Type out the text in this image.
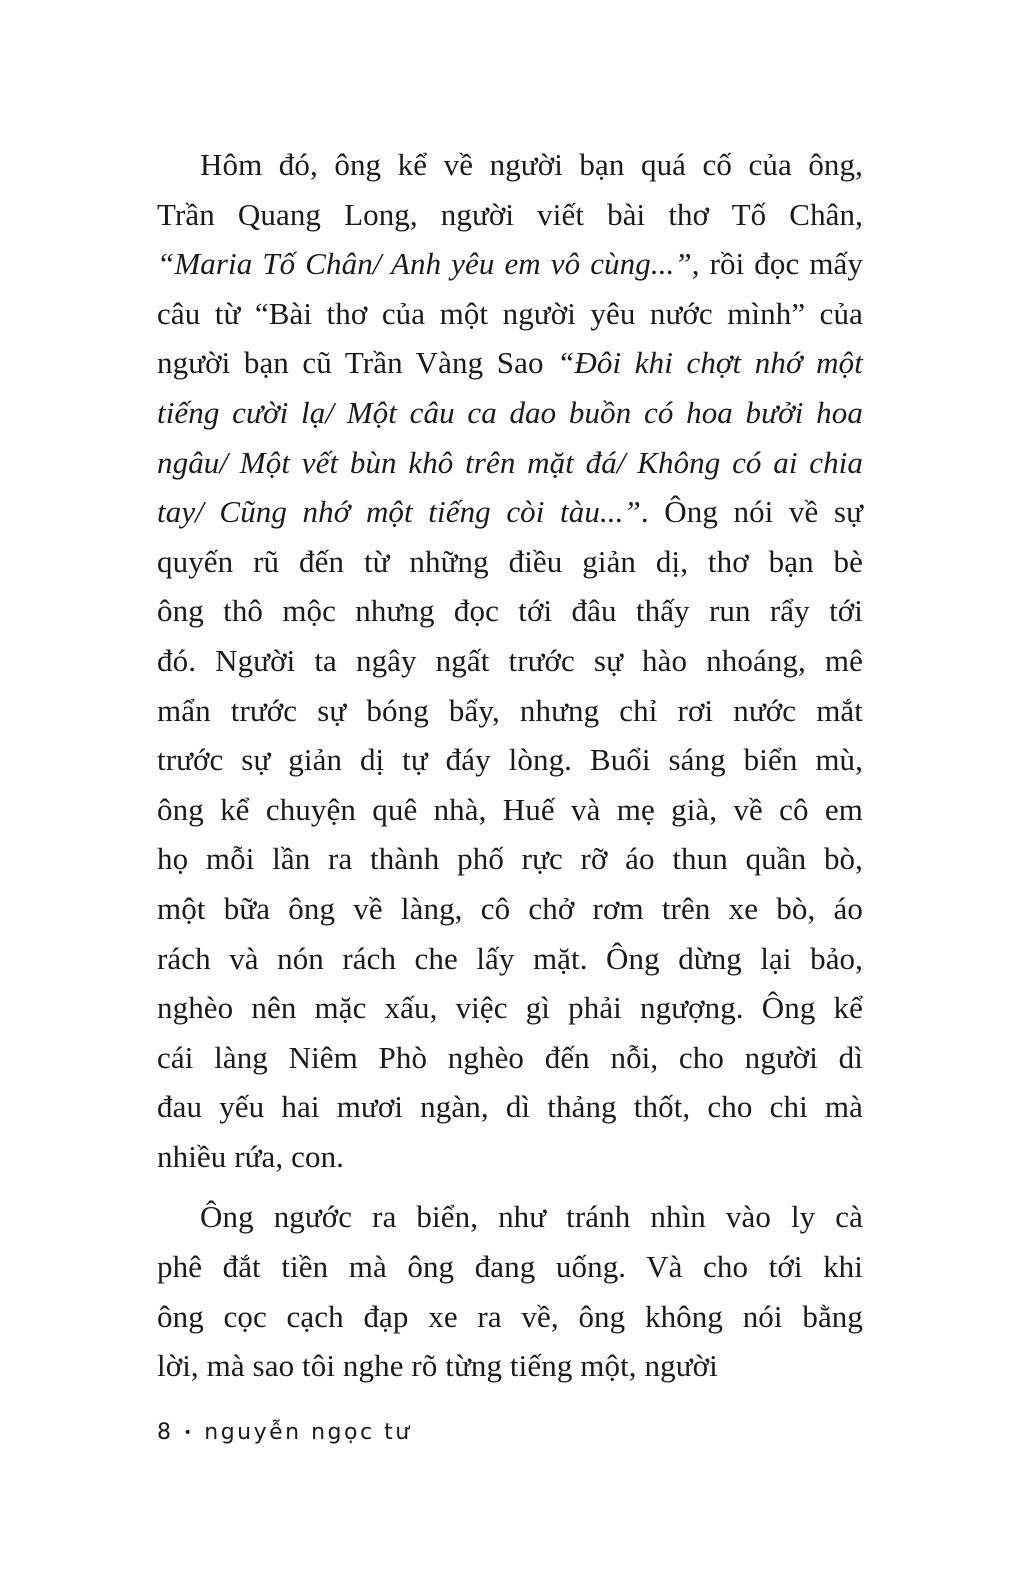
Hôm đó, ông kể về người bạn quá cố của ông,
Trần Quang Long, người viết bài thơ Tố Chân,
“Maria Tố Chân/ Anh yêu em vô cùng...”, rồi đọc mấy
câu từ “Bài thơ của một người yêu nước mình” của
người bạn cũ Trần Vàng Sao “Đôi khi chợt nhớ một
tiếng cười lạ/ Một câu ca dao buồn có hoa bưởi hoa
ngâu/ Một vết bùn khô trên mặt đá/ Không có ai chia
tay/ Cũng nhớ một tiếng còi tàu...”. Ông nói về sự
quyến rũ đến từ những điều giản dị, thơ bạn bè
ông thô mộc nhưng đọc tới đâu thấy run rẩy tới
đó. Người ta ngây ngất trước sự hào nhoáng, mê
mẩn trước sự bóng bẩy, nhưng chỉ rơi nước mắt
trước sự giản dị tự đáy lòng. Buổi sáng biển mù,
ông kể chuyện quê nhà, Huế và mẹ già, về cô em
họ mỗi lần ra thành phố rực rỡ áo thun quần bò,
một bữa ông về làng, cô chở rơm trên xe bò, áo
rách và nón rách che lấy mặt. Ông dừng lại bảo,
nghèo nên mặc xấu, việc gì phải ngượng. Ông kể
cái làng Niêm Phò nghèo đến nỗi, cho người dì
đau yếu hai mươi ngàn, dì thảng thốt, cho chi mà
nhiều rứa, con.
Ông ngước ra biển, như tránh nhìn vào ly cà
phê đắt tiền mà ông đang uống. Và cho tới khi
ông cọc cạch đạp xe ra về, ông không nói bằng
lời, mà sao tôi nghe rõ từng tiếng một, người
8 • nguyễn ngọc tư
